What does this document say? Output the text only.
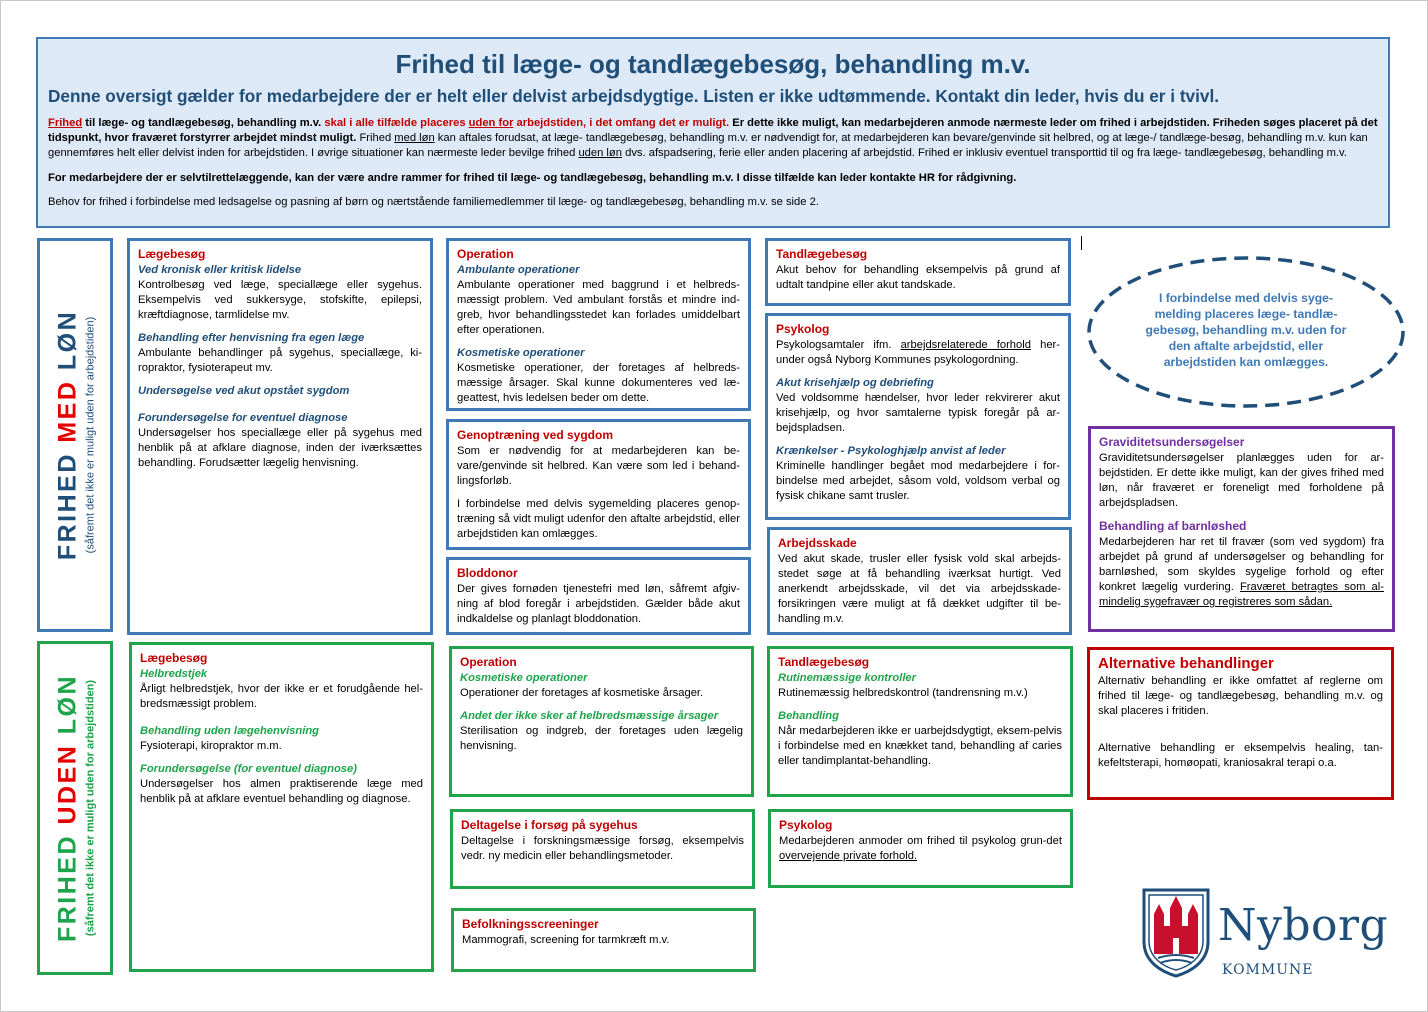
Frihed til læge- og tandlægebesøg, behandling m.v.
Denne oversigt gælder for medarbejdere der er helt eller delvist arbejdsdygtige. Listen er ikke udtømmende. Kontakt din leder, hvis du er i tvivl.

Frihed til læge- og tandlægebesøg, behandling m.v. skal i alle tilfælde placeres uden for arbejdstiden, i det omfang det er muligt. Er dette ikke muligt, kan medarbejderen anmode nærmeste leder om frihed i arbejdstiden. Friheden søges placeret på det tidspunkt, hvor fraværet forstyrrer arbejdet mindst muligt. Frihed med løn kan aftales forudsat, at læge- tandlægebesøg, behandling m.v. er nødvendigt for, at medarbejderen kan bevare/genvinde sit helbred, og at læge-/ tandlæge-besøg, behandling m.v. kun kan gennemføres helt eller delvist inden for arbejdstiden. I øvrige situationer kan nærmeste leder bevilge frihed uden løn dvs. afspadsering, ferie eller anden placering af arbejdstid. Frihed er inklusiv eventuel transporttid til og fra læge- tandlægebesøg, behandling m.v.

For medarbejdere der er selvtilrettelæggende, kan der være andre rammer for frihed til læge- og tandlægebesøg, behandling m.v. I disse tilfælde kan leder kontakte HR for rådgivning.

Behov for frihed i forbindelse med ledsagelse og pasning af børn og nærtstående familiemedlemmer til læge- og tandlægebesøg, behandling m.v. se side 2.

FRIHED MED LØN (såfremt det ikke er muligt uden for arbejdstiden)
FRIHED UDEN LØN (såfremt det ikke er muligt uden for arbejdstiden)
Lægebesøg
Ved kronisk eller kritisk lidelse

Kontrolbesøg ved læge, speciallæge eller sygehus. Eksempelvis ved sukkersyge, stofskifte, epilepsi, kræftdiagnose, tarmlidelse mv.

Behandling efter henvisning fra egen læge

Ambulante behandlinger på sygehus, speciallæge, ki-ropraktor, fysioterapeut mv.

Undersøgelse ved akut opstået sygdom
Forundersøgelse for eventuel diagnose

Undersøgelser hos speciallæge eller på sygehus med henblik på at afklare diagnose, inden der iværksættes behandling. Forudsætter lægelig henvisning.

Operation
Ambulante operationer

Ambulante operationer med baggrund i et helbreds-mæssigt problem. Ved ambulant forstås et mindre ind-greb, hvor behandlingsstedet kan forlades umiddelbart efter operationen.

Kosmetiske operationer

Kosmetiske operationer, der foretages af helbreds-mæssige årsager. Skal kunne dokumenteres ved læ-geattest, hvis ledelsen beder om dette.

Genoptræning ved sygdom

Som er nødvendig for at medarbejderen kan be-vare/genvinde sit helbred. Kan være som led i behand-lingsforløb.

I forbindelse med delvis sygemelding placeres genop-træning så vidt muligt udenfor den aftalte arbejdstid, eller arbejdstiden kan omlægges.

Bloddonor

Der gives fornøden tjenestefri med løn, såfremt afgiv-ning af blod foregår i arbejdstiden. Gælder både akut indkaldelse og planlagt bloddonation.

Tandlægebesøg

Akut behov for behandling eksempelvis på grund af udtalt tandpine eller akut tandskade.

Psykolog

Psykologsamtaler ifm. arbejdsrelaterede forhold her-under også Nyborg Kommunes psykologordning.

Akut krisehjælp og debriefing

Ved voldsomme hændelser, hvor leder rekvirerer akut krisehjælp, og hvor samtalerne typisk foregår på ar-bejdspladsen.

Krænkelser - Psykologhjælp anvist af leder

Kriminelle handlinger begået mod medarbejdere i for-bindelse med arbejdet, såsom vold, voldsom verbal og fysisk chikane samt trusler.

Arbejdsskade

Ved akut skade, trusler eller fysisk vold skal arbejds-stedet søge at få behandling iværksat hurtigt. Ved anerkendt arbejdsskade, vil det via arbejdsskade-forsikringen være muligt at få dækket udgifter til be-handling m.v.

I forbindelse med delvis syge-melding placeres læge- tandlæ-gebesøg, behandling m.v. uden for den aftalte arbejdstid, eller arbejdstiden kan omlægges.
Graviditetsundersøgelser

Graviditetsundersøgelser planlægges uden for ar-bejdstiden. Er dette ikke muligt, kan der gives frihed med løn, når fraværet er foreneligt med forholdene på arbejdspladsen.

Behandling af barnløshed

Medarbejderen har ret til fravær (som ved sygdom) fra arbejdet på grund af undersøgelser og behandling for barnløshed, som skyldes sygelige forhold og efter konkret lægelig vurdering. Fraværet betragtes som al-mindelig sygefravær og registreres som sådan.

Lægebesøg
Helbredstjek

Årligt helbredstjek, hvor der ikke er et forudgående hel-bredsmæssigt problem.

Behandling uden lægehenvisning

Fysioterapi, kiropraktor m.m.

Forundersøgelse (for eventuel diagnose)

Undersøgelser hos almen praktiserende læge med henblik på at afklare eventuel behandling og diagnose.

Operation
Kosmetiske operationer

Operationer der foretages af kosmetiske årsager.

Andet der ikke sker af helbredsmæssige årsager

Sterilisation og indgreb, der foretages uden lægelig henvisning.

Deltagelse i forsøg på sygehus

Deltagelse i forskningsmæssige forsøg, eksempelvis vedr. ny medicin eller behandlingsmetoder.

Befolkningsscreeninger

Mammografi, screening for tarmkræft m.v.

Tandlægebesøg
Rutinemæssige kontroller

Rutinemæssig helbredskontrol (tandrensning m.v.)

Behandling

Når medarbejderen ikke er uarbejdsdygtigt, eksem-pelvis i forbindelse med en knækket tand, behandling af caries eller tandimplantat-behandling.

Psykolog

Medarbejderen anmoder om frihed til psykolog grun-det overvejende private forhold.

Alternative behandlinger

Alternativ behandling er ikke omfattet af reglerne om frihed til læge- og tandlægebesøg, behandling m.v. og skal placeres i fritiden.

Alternative behandling er eksempelvis healing, tan-kefeltsterapi, homøopati, kraniosakral terapi o.a.

Nyborg
KOMMUNE
